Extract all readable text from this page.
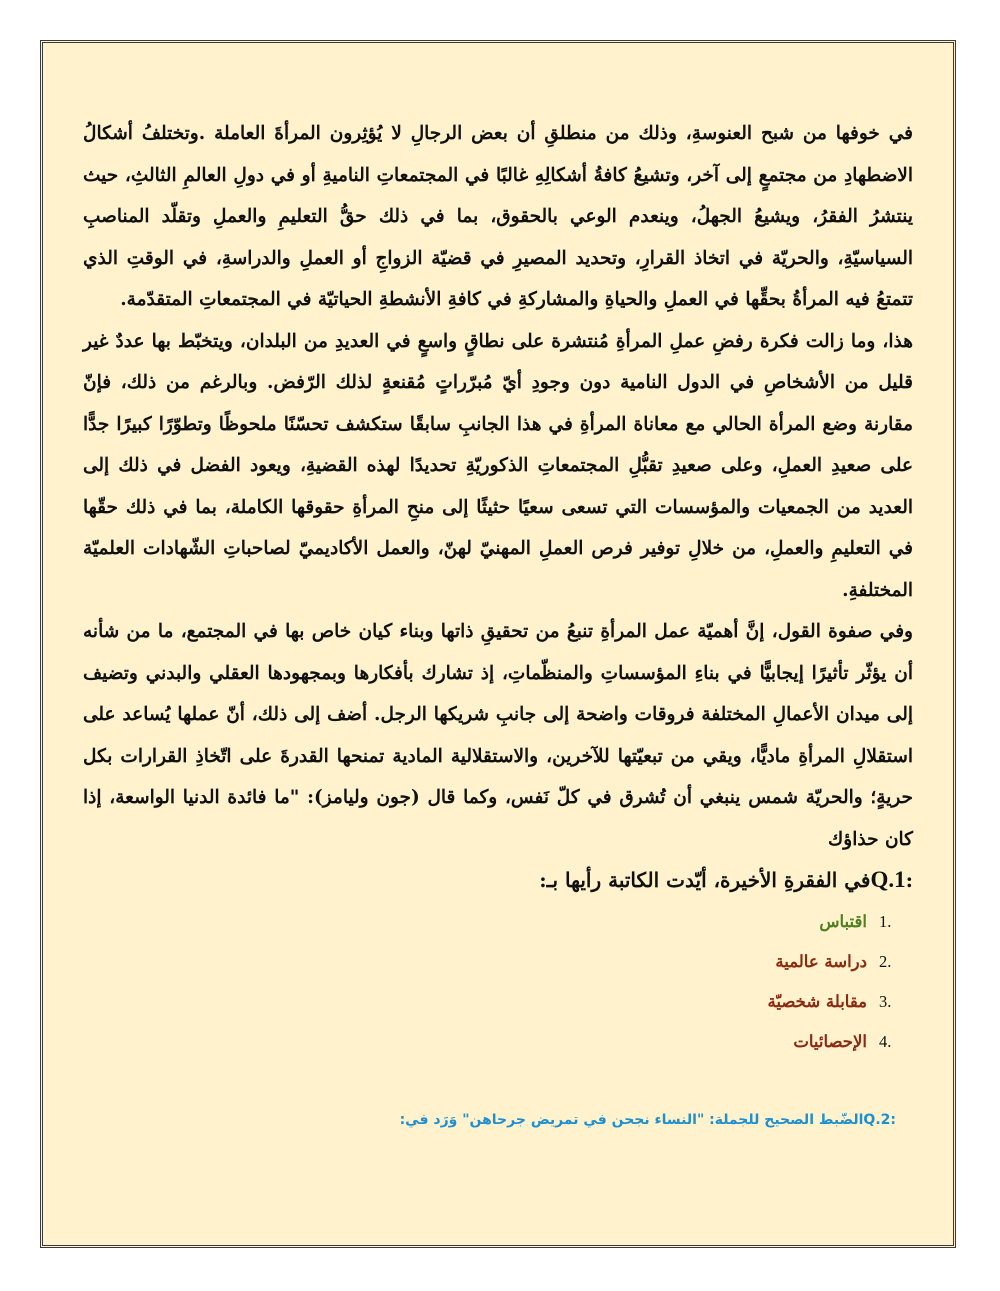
في خوفها من شبح العنوسةِ، وذلك من منطلقِ أن بعض الرجالِ لا يُؤثِرون المرأةَ العاملة .وتختلفُ أشكالُ الاضطهادِ من مجتمعٍ إلى آخر، وتشيعُ كافةُ أشكالِهِ غالبًا في المجتمعاتِ الناميةِ أو في دولِ العالمِ الثالثِ، حيث ينتشرُ الفقرُ، ويشيعُ الجهلُ، وينعدم الوعي بالحقوق، بما في ذلك حقُّ التعليمِ والعملِ وتقلّد المناصبِ السياسيّةِ، والحريّة في اتخاذ القرارِ، وتحديد المصيرِ في قضيّة الزواجِ أو العملِ والدراسةِ، في الوقتِ الذي تتمتعُ فيه المرأةُ بحقِّها في العملِ والحياةِ والمشاركةِ في كافةِ الأنشطةِ الحياتيّة في المجتمعاتِ المتقدّمة.

هذا، وما زالت فكرة رفضِ عملِ المرأةِ مُنتشرة على نطاقٍ واسعٍ في العديدِ من البلدان، ويتخبّط بها عددٌ غير قليل من الأشخاصِ في الدول النامية دون وجودِ أيّ مُبرّراتٍ مُقنعةٍ لذلك الرّفض. وبالرغم من ذلك، فإنّ مقارنة وضع المرأة الحالي مع معاناة المرأةِ في هذا الجانبِ سابقًا ستكشف تحسّنًا ملحوظًا وتطوّرًا كبيرًا جدًّا على صعيدِ العملِ، وعلى صعيدِ تقبُّلِ المجتمعاتِ الذكوريّةِ تحديدًا لهذه القضيةِ، ويعود الفضل في ذلك إلى العديد من الجمعيات والمؤسسات التي تسعى سعيًا حثيثًا إلى منحِ المرأةِ حقوقها الكاملة، بما في ذلك حقّها في التعليمِ والعملِ، من خلالِ توفير فرص العملِ المهنيّ لهنّ، والعمل الأكاديميّ لصاحباتِ الشّهادات العلميّة المختلفةِ.

وفي صفوة القول، إنَّ أهميّة عمل المرأةِ تنبعُ من تحقيقِ ذاتها وبناء كيان خاص بها في المجتمع، ما من شأنه أن يؤثّر تأثيرًا إيجابيًّا في بناءِ المؤسساتِ والمنظّماتِ، إذ تشارك بأفكارها وبمجهودها العقلي والبدني وتضيف إلى ميدان الأعمالِ المختلفة فروقات واضحة إلى جانبِ شريكها الرجل. أضف إلى ذلك، أنّ عملها يُساعد على استقلالِ المرأةِ ماديًّا، ويقي من تبعيّتها للآخرين، والاستقلالية المادية تمنحها القدرةَ على اتّخاذِ القرارات بكل حريةٍ؛ والحريّة شمس ينبغي أن تُشرق في كلّ نَفس، وكما قال (جون وليامز): "ما فائدة الدنيا الواسعة، إذا كان حذاؤك

:Q.1في الفقرةِ الأخيرة، أيّدت الكاتبة رأيها بـ:
.1
اقتباس
.2
دراسة عالمية
.3
مقابلة شخصيّة
.4
الإحصائيات
:Q.2الضّبط الصحيح للجملة: "النساء نجحن في تمريض جرحاهن" وَرَد في:
